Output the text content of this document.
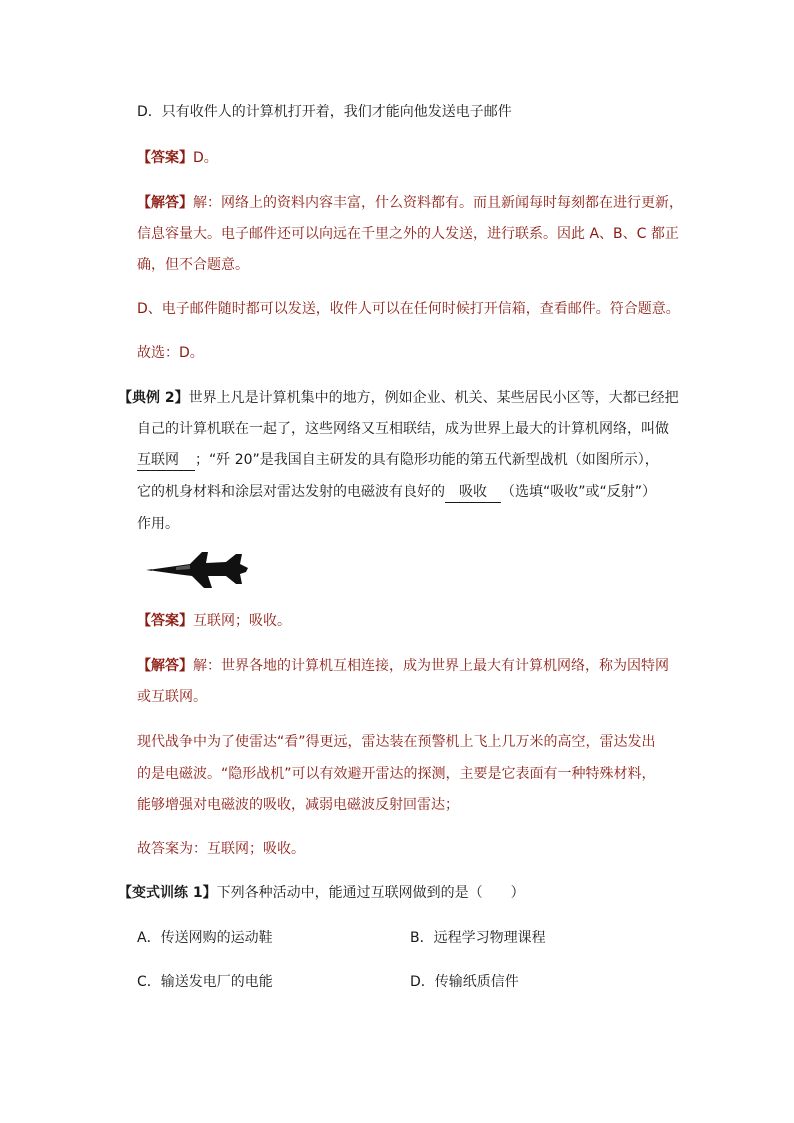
D．只有收件人的计算机打开着，我们才能向他发送电子邮件
【答案】D。
【解答】解：网络上的资料内容丰富，什么资料都有。而且新闻每时每刻都在进行更新，
信息容量大。电子邮件还可以向远在千里之外的人发送，进行联系。因此 A、B、C 都正
确，但不合题意。
D、电子邮件随时都可以发送，收件人可以在任何时候打开信箱，查看邮件。符合题意。
故选：D。
【典例 2】世界上凡是计算机集中的地方，例如企业、机关、某些居民小区等，大都已经把
自己的计算机联在一起了，这些网络又互相联结，成为世界上最大的计算机网络，叫做
互联网 ；“歼 20”是我国自主研发的具有隐形功能的第五代新型战机（如图所示），
它的机身材料和涂层对雷达发射的电磁波有良好的 吸收 （选填“吸收”或“反射”）
作用。
【答案】互联网；吸收。
【解答】解：世界各地的计算机互相连接，成为世界上最大有计算机网络，称为因特网
或互联网。
现代战争中为了使雷达“看”得更远，雷达装在预警机上飞上几万米的高空，雷达发出
的是电磁波。“隐形战机”可以有效避开雷达的探测，主要是它表面有一种特殊材料，
能够增强对电磁波的吸收，减弱电磁波反射回雷达；
故答案为：互联网；吸收。
【变式训练 1】下列各种活动中，能通过互联网做到的是（　　）
A．传送网购的运动鞋	B．远程学习物理课程
C．输送发电厂的电能	D．传输纸质信件
